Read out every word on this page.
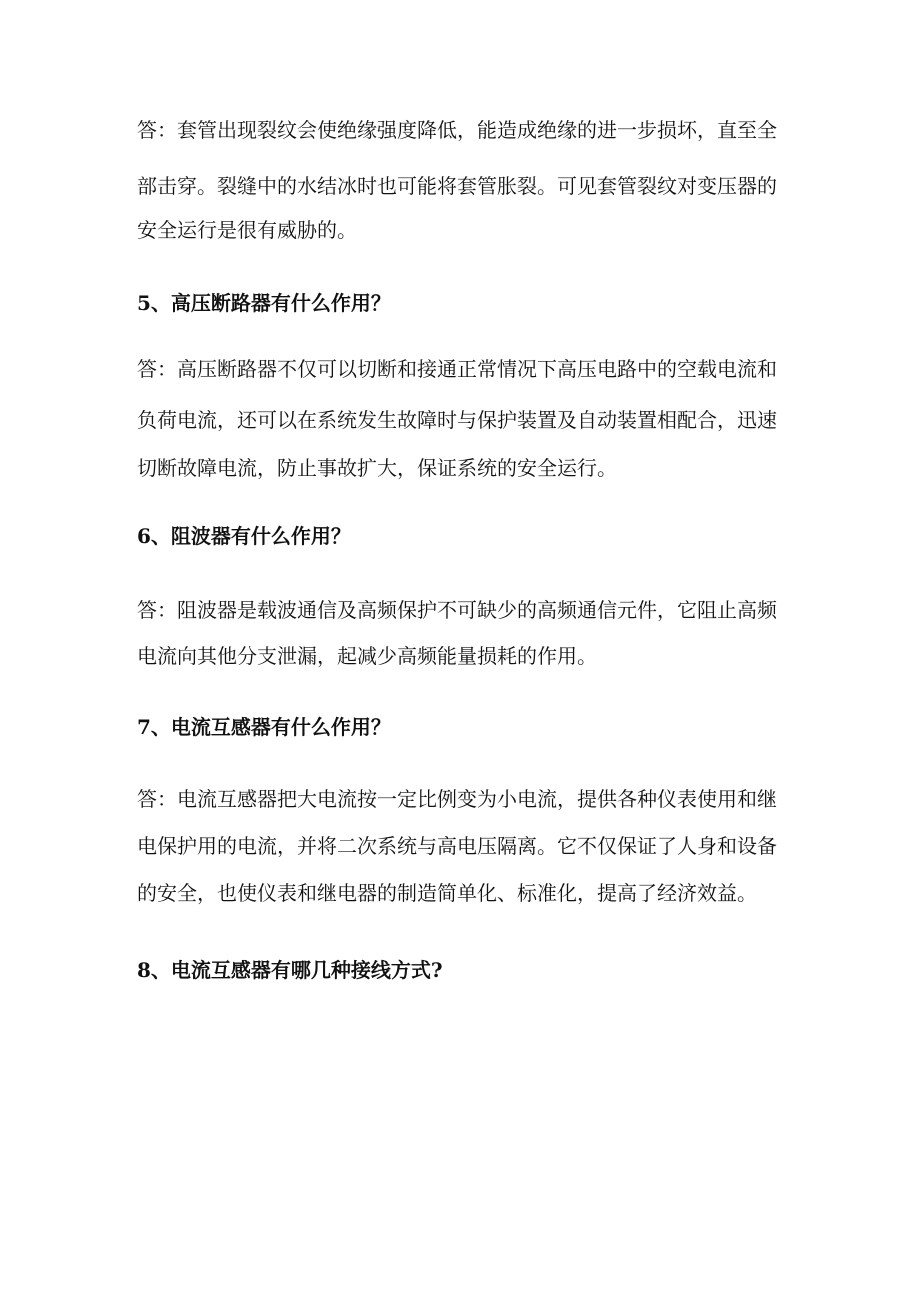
答：套管出现裂纹会使绝缘强度降低，能造成绝缘的进一步损坏，直至全

部击穿。裂缝中的水结冰时也可能将套管胀裂。可见套管裂纹对变压器的

安全运行是很有威胁的。

5、高压断路器有什么作用？

答：高压断路器不仅可以切断和接通正常情况下高压电路中的空载电流和

负荷电流，还可以在系统发生故障时与保护装置及自动装置相配合，迅速

切断故障电流，防止事故扩大，保证系统的安全运行。

6、阻波器有什么作用？

答：阻波器是载波通信及高频保护不可缺少的高频通信元件，它阻止高频

电流向其他分支泄漏，起减少高频能量损耗的作用。

7、电流互感器有什么作用？

答：电流互感器把大电流按一定比例变为小电流，提供各种仪表使用和继

电保护用的电流，并将二次系统与高电压隔离。它不仅保证了人身和设备

的安全，也使仪表和继电器的制造简单化、标准化，提高了经济效益。

8、电流互感器有哪几种接线方式?
